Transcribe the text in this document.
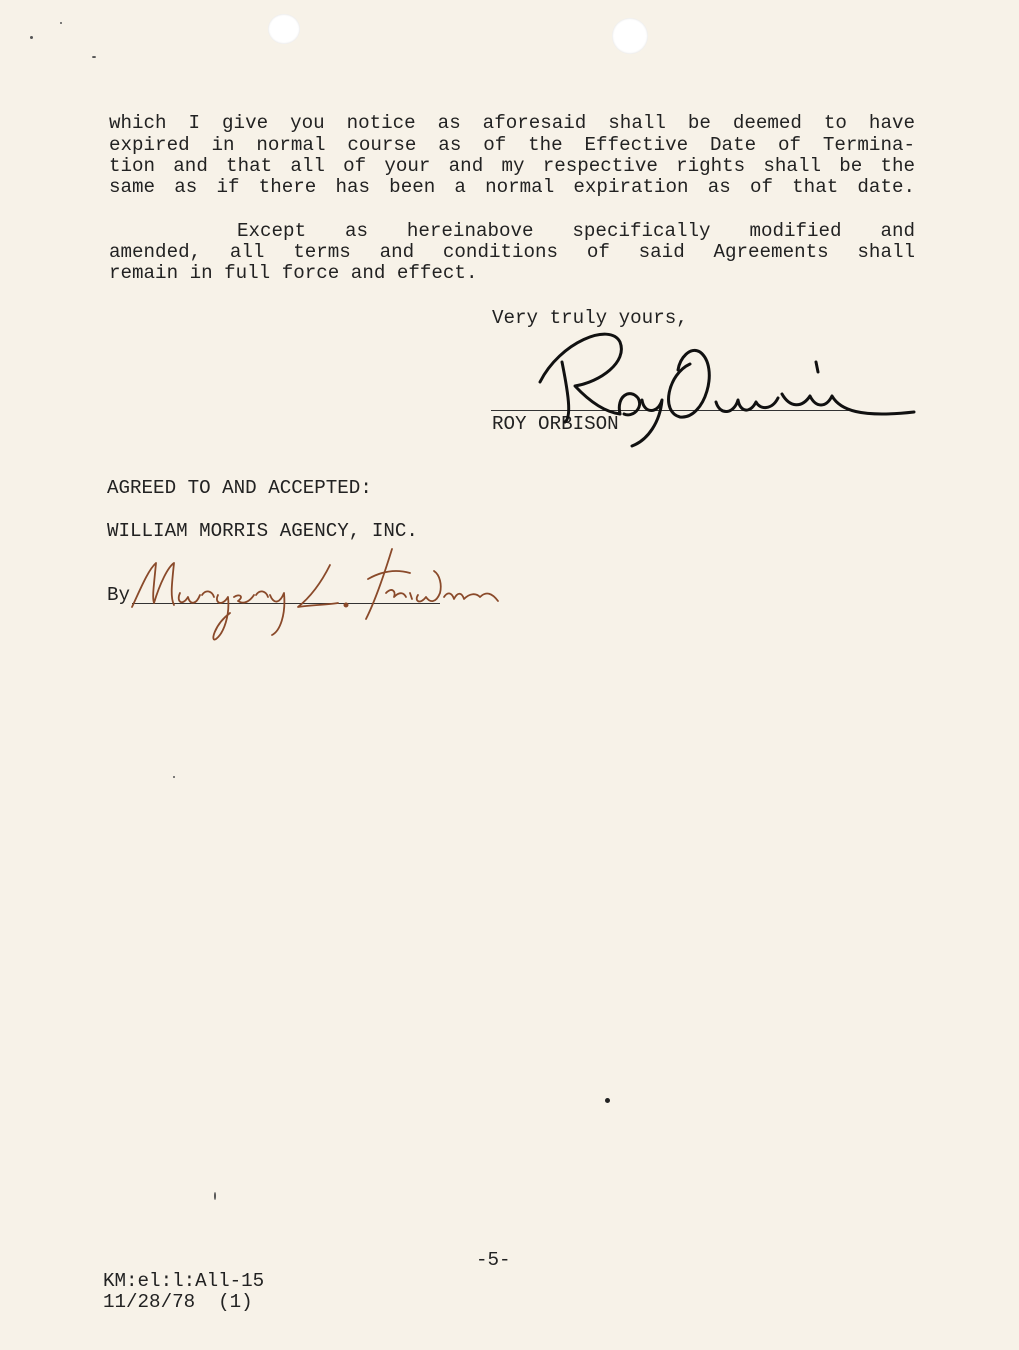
which I give you notice as aforesaid shall be deemed to have
expired in normal course as of the Effective Date of Termina-
tion and that all of your and my respective rights shall be the
same as if there has been a normal expiration as of that date.
Except as hereinabove specifically modified and
amended, all terms and conditions of said Agreements shall
remain in full force and effect.
Very truly yours,
ROY ORBISON
AGREED TO AND ACCEPTED:
WILLIAM MORRIS AGENCY, INC.
By
-5-
KM:el:l:All-15
11/28/78  (1)
